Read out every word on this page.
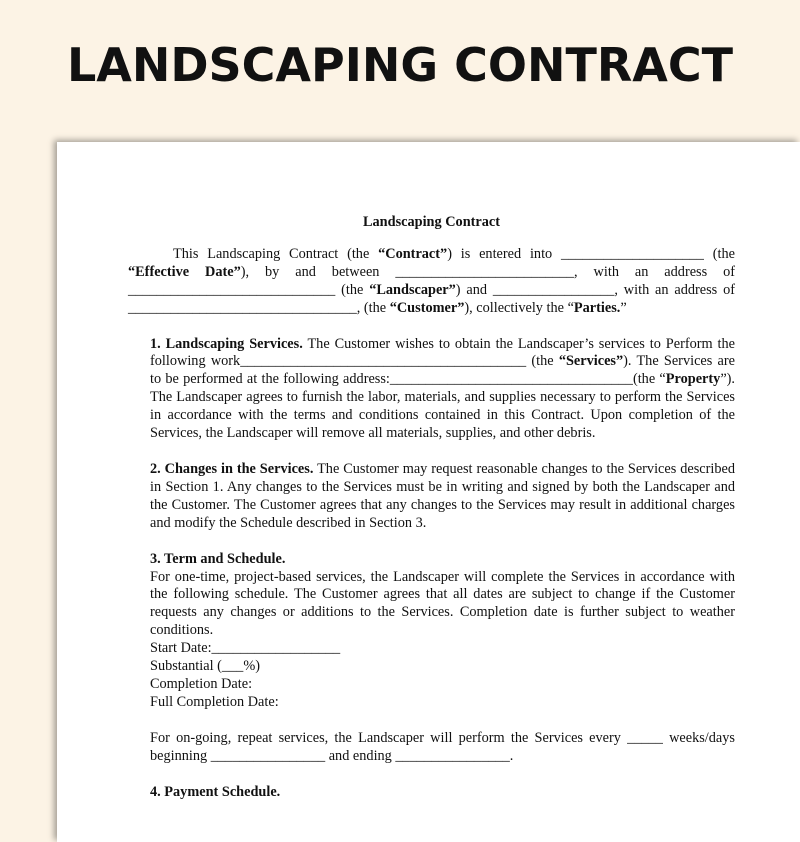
LANDSCAPING CONTRACT
Landscaping Contract

This Landscaping Contract (the “Contract”) is entered into ____________________ (the “Effective Date”), by and between _________________________, with an address of _____________________________ (the “Landscaper”) and _________________, with an address of ________________________________, (the “Customer”), collectively the “Parties.”

1. Landscaping Services. The Customer wishes to obtain the Landscaper’s services to Perform the following work________________________________________ (the “Services”). The Services are to be performed at the following address:__________________________________(the “Property”). The Landscaper agrees to furnish the labor, materials, and supplies necessary to perform the Services in accordance with the terms and conditions contained in this Contract. Upon completion of the Services, the Landscaper will remove all materials, supplies, and other debris.

2. Changes in the Services. The Customer may request reasonable changes to the Services described in Section 1. Any changes to the Services must be in writing and signed by both the Landscaper and the Customer. The Customer agrees that any changes to the Services may result in additional charges and modify the Schedule described in Section 3.

3. Term and Schedule.

For one-time, project-based services, the Landscaper will complete the Services in accordance with the following schedule. The Customer agrees that all dates are subject to change if the Customer requests any changes or additions to the Services. Completion date is further subject to weather conditions.

Start Date:__________________
Substantial (___%)
Completion Date:
Full Completion Date:

For on-going, repeat services, the Landscaper will perform the Services every _____ weeks/days beginning ________________ and ending ________________.

4. Payment Schedule.
